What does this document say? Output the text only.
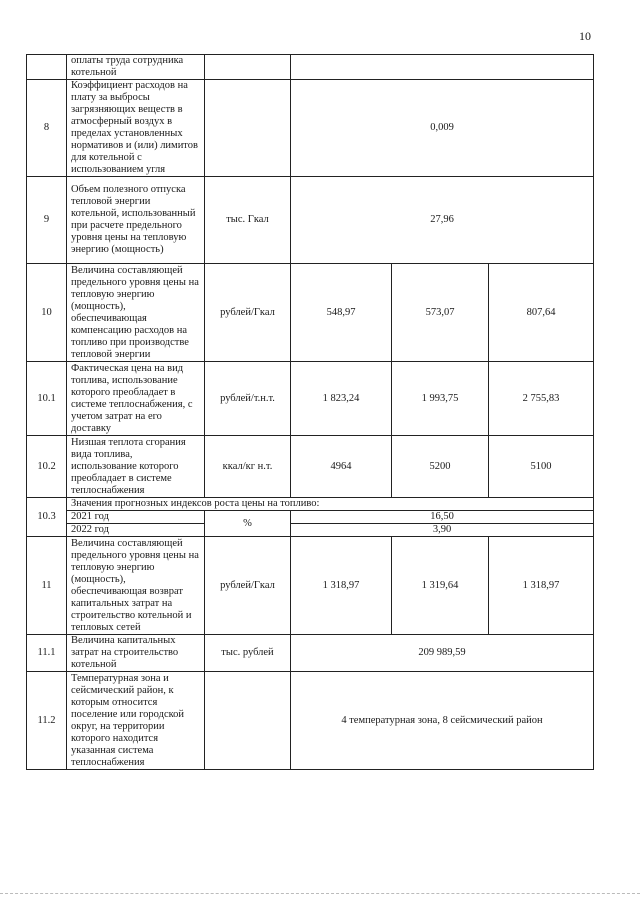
10
	оплаты труда сотрудника котельной				
8	Коэффициент расходов на плату за выбросы загрязняющих веществ в атмосферный воздух в пределах установленных нормативов и (или) лимитов для котельной с использованием угля		0,009		
9	Объем полезного отпуска тепловой энергии котельной, использованный при расчете предельного уровня цены на тепловую энергию (мощность)	тыс. Гкал	27,96		
10	Величина составляющей предельного уровня цены на тепловую энергию (мощность), обеспечивающая компенсацию расходов на топливо при производстве тепловой энергии	рублей/Гкал	548,97	573,07	807,64
10.1	Фактическая цена на вид топлива, использование которого преобладает в системе теплоснабжения, с учетом затрат на его доставку	рублей/т.н.т.	1 823,24	1 993,75	2 755,83
10.2	Низшая теплота сгорания вида топлива, использование которого преобладает в системе теплоснабжения	ккал/кг н.т.	4964	5200	5100
10.3	Значения прогнозных индексов роста цены на топливо:				
	2021 год	%	16,50		
	2022 год		3,90		
11	Величина составляющей предельного уровня цены на тепловую энергию (мощность), обеспечивающая возврат капитальных затрат на строительство котельной и тепловых сетей	рублей/Гкал	1 318,97	1 319,64	1 318,97
11.1	Величина капитальных затрат на строительство котельной	тыс. рублей	209 989,59		
11.2	Температурная зона и сейсмический район, к которым относится поселение или городской округ, на территории которого находится указанная система теплоснабжения		4 температурная зона, 8 сейсмический район		
